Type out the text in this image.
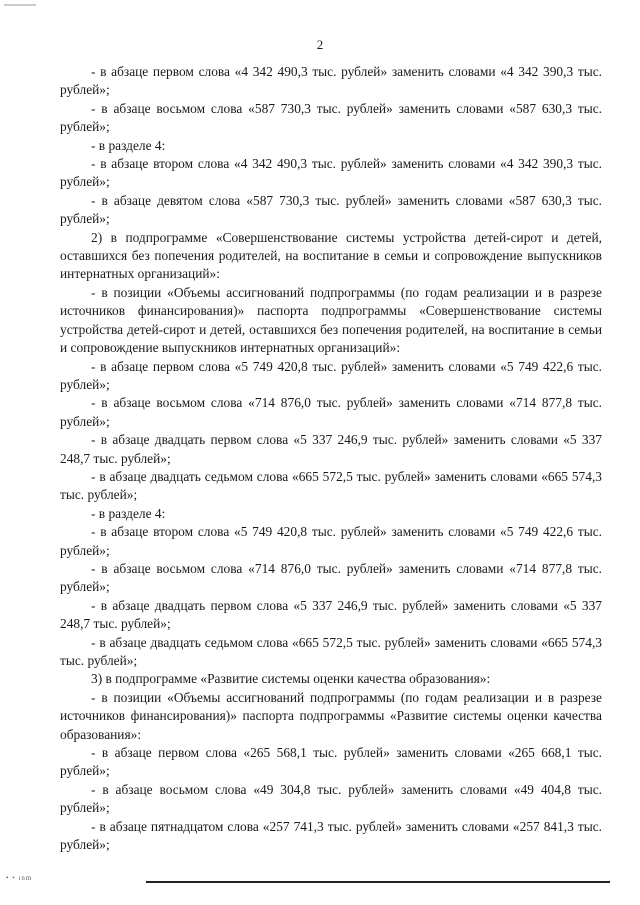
2

- в абзаце первом слова «4 342 490,3 тыс. рублей» заменить словами «4 342 390,3 тыс. рублей»;

- в абзаце восьмом слова «587 730,3 тыс. рублей» заменить словами «587 630,3 тыс. рублей»;

- в разделе 4:

- в абзаце втором слова «4 342 490,3 тыс. рублей» заменить словами «4 342 390,3 тыс. рублей»;

- в абзаце девятом слова «587 730,3 тыс. рублей» заменить словами «587 630,3 тыс. рублей»;

2) в подпрограмме «Совершенствование системы устройства детей-сирот и детей, оставшихся без попечения родителей, на воспитание в семьи и сопровождение выпускников интернатных организаций»:

- в позиции «Объемы ассигнований подпрограммы (по годам реализации и в разрезе источников финансирования)» паспорта подпрограммы «Совершенствование системы устройства детей-сирот и детей, оставшихся без попечения родителей, на воспитание в семьи и сопровождение выпускников интернатных организаций»:

- в абзаце первом слова «5 749 420,8 тыс. рублей» заменить словами «5 749 422,6 тыс. рублей»;

- в абзаце восьмом слова «714 876,0 тыс. рублей» заменить словами «714 877,8 тыс. рублей»;

- в абзаце двадцать первом слова «5 337 246,9 тыс. рублей» заменить словами «5 337 248,7 тыс. рублей»;

- в абзаце двадцать седьмом слова «665 572,5 тыс. рублей» заменить словами «665 574,3 тыс. рублей»;

- в разделе 4:

- в абзаце втором слова «5 749 420,8 тыс. рублей» заменить словами «5 749 422,6 тыс. рублей»;

- в абзаце восьмом слова «714 876,0 тыс. рублей» заменить словами «714 877,8 тыс. рублей»;

- в абзаце двадцать первом слова «5 337 246,9 тыс. рублей» заменить словами «5 337 248,7 тыс. рублей»;

- в абзаце двадцать седьмом слова «665 572,5 тыс. рублей» заменить словами «665 574,3 тыс. рублей»;

3) в подпрограмме «Развитие системы оценки качества образования»:

- в позиции «Объемы ассигнований подпрограммы (по годам реализации и в разрезе источников финансирования)» паспорта подпрограммы «Развитие системы оценки качества образования»:

- в абзаце первом слова «265 568,1 тыс. рублей» заменить словами «265 668,1 тыс. рублей»;

- в абзаце восьмом слова «49 304,8 тыс. рублей» заменить словами «49 404,8 тыс. рублей»;

- в абзаце пятнадцатом слова «257 741,3 тыс. рублей» заменить словами «257 841,3 тыс. рублей»;

• • ınm
